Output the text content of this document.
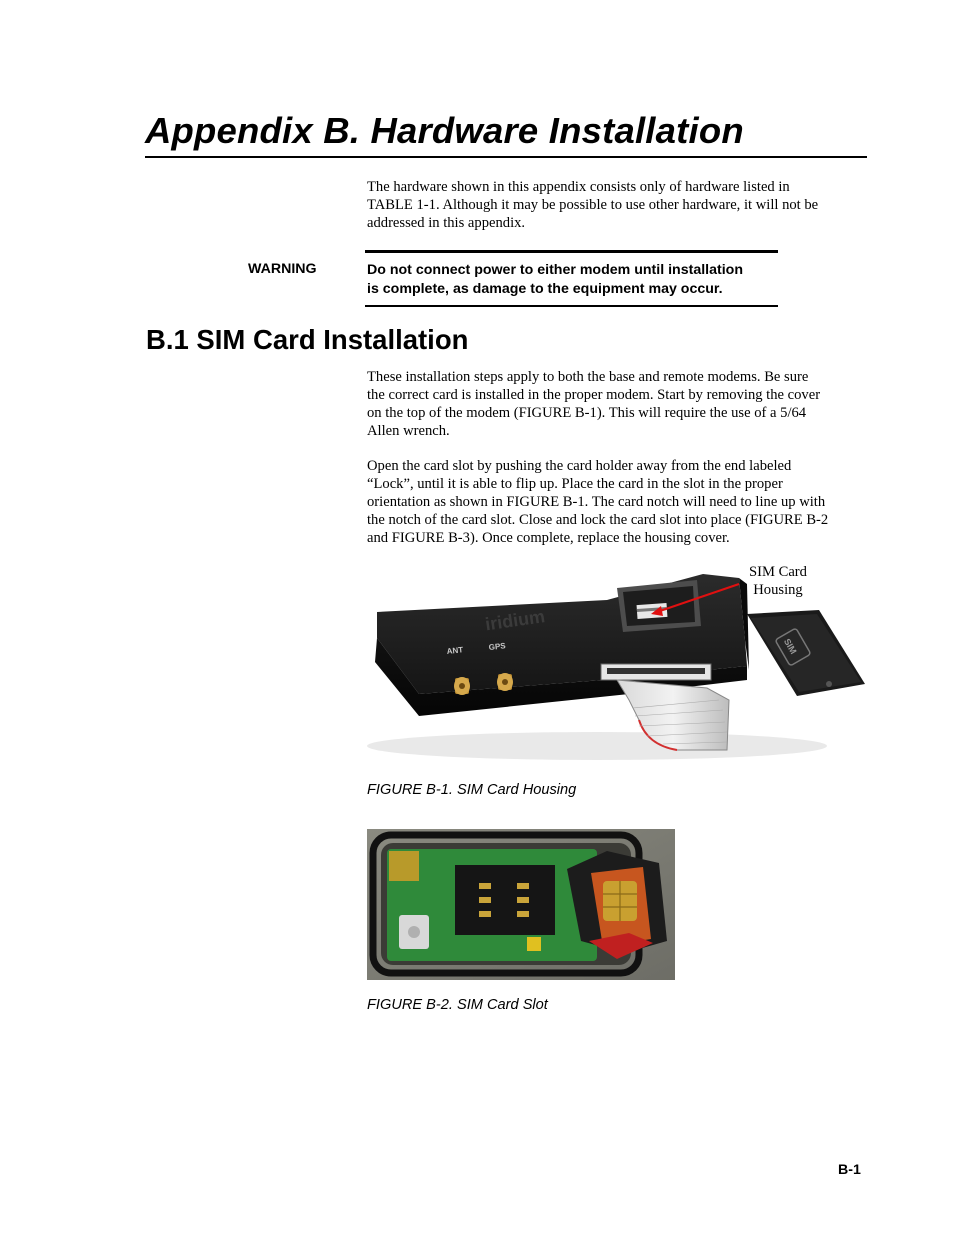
Appendix B. Hardware Installation
The hardware shown in this appendix consists only of hardware listed in
TABLE 1-1. Although it may be possible to use other hardware, it will not be
addressed in this appendix.
WARNING	Do not connect power to either modem until installation
is complete, as damage to the equipment may occur.
B.1 SIM Card Installation
These installation steps apply to both the base and remote modems. Be sure
the correct card is installed in the proper modem. Start by removing the cover
on the top of the modem (FIGURE B-1). This will require the use of a 5/64
Allen wrench.
Open the card slot by pushing the card holder away from the end labeled
“Lock”, until it is able to flip up. Place the card in the slot in the proper
orientation as shown in FIGURE B-1. The card notch will need to line up with
the notch of the card slot. Close and lock the card slot into place (FIGURE B-2
and FIGURE B-3). Once complete, replace the housing cover.
iridium
ANT	GPS	SIM
SIM Card
Housing
FIGURE B-1. SIM Card Housing
FIGURE B-2. SIM Card Slot
B-1
